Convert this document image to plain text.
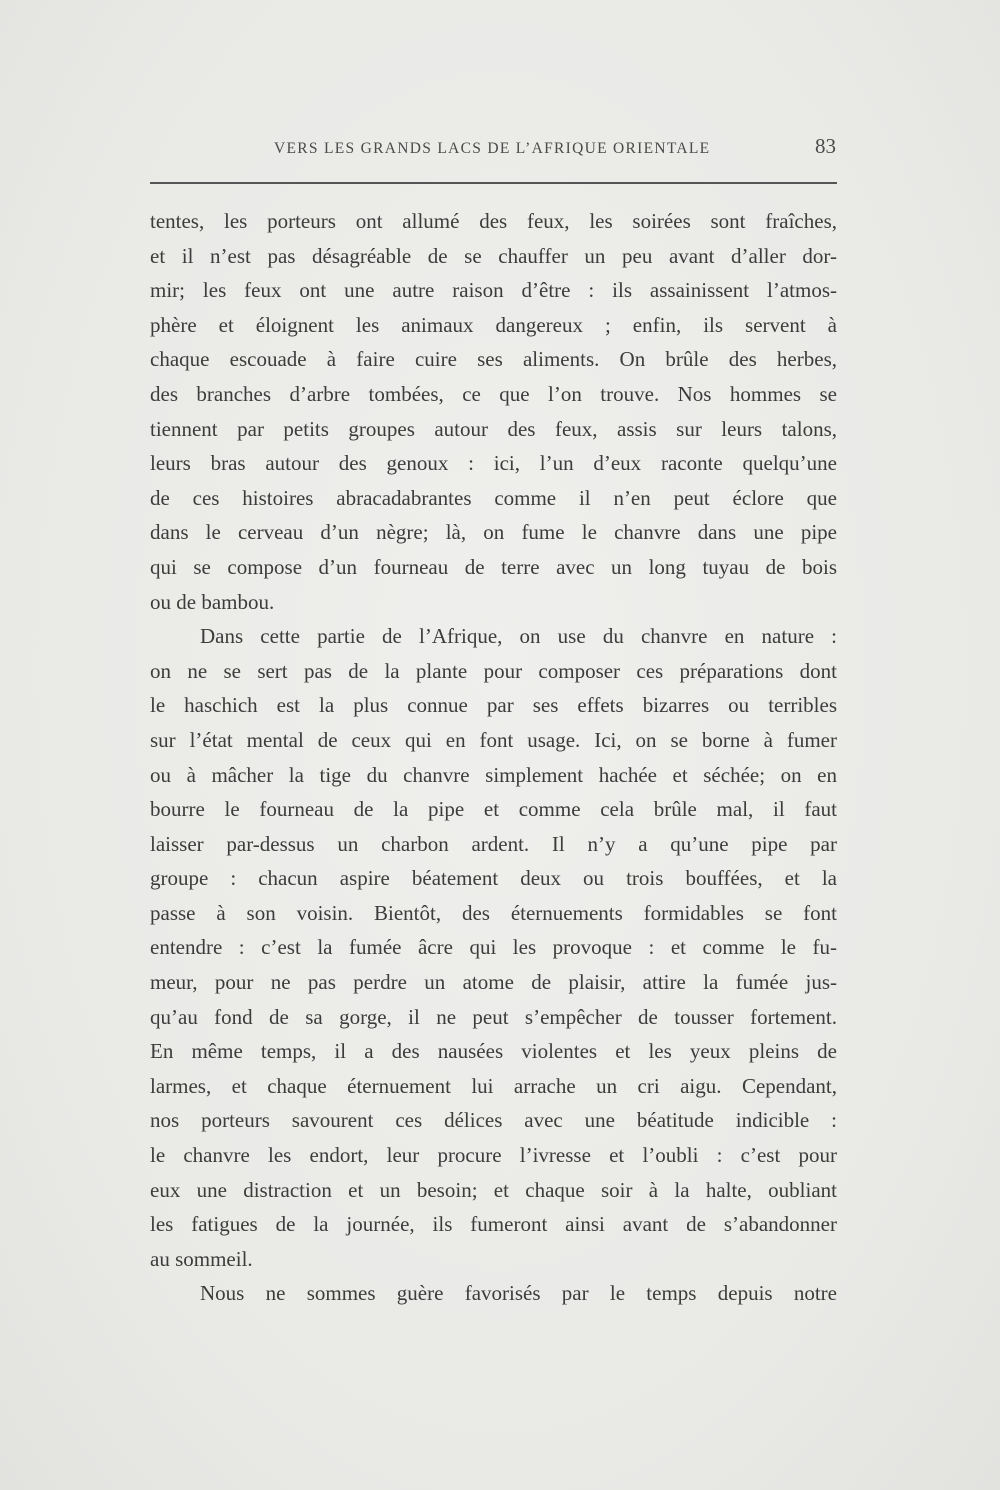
VERS LES GRANDS LACS DE L’AFRIQUE ORIENTALE	83
tentes, les porteurs ont allumé des feux, les soirées sont fraîches,
et il n’est pas désagréable de se chauffer un peu avant d’aller dor-
mir; les feux ont une autre raison d’être : ils assainissent l’atmos-
phère et éloignent les animaux dangereux ; enfin, ils servent à
chaque escouade à faire cuire ses aliments. On brûle des herbes,
des branches d’arbre tombées, ce que l’on trouve. Nos hommes se
tiennent par petits groupes autour des feux, assis sur leurs talons,
leurs bras autour des genoux : ici, l’un d’eux raconte quelqu’une
de ces histoires abracadabrantes comme il n’en peut éclore que
dans le cerveau d’un nègre; là, on fume le chanvre dans une pipe
qui se compose d’un fourneau de terre avec un long tuyau de bois
ou de bambou.
Dans cette partie de l’Afrique, on use du chanvre en nature :
on ne se sert pas de la plante pour composer ces préparations dont
le haschich est la plus connue par ses effets bizarres ou terribles
sur l’état mental de ceux qui en font usage. Ici, on se borne à fumer
ou à mâcher la tige du chanvre simplement hachée et séchée; on en
bourre le fourneau de la pipe et comme cela brûle mal, il faut
laisser par-dessus un charbon ardent. Il n’y a qu’une pipe par
groupe : chacun aspire béatement deux ou trois bouffées, et la
passe à son voisin. Bientôt, des éternuements formidables se font
entendre : c’est la fumée âcre qui les provoque : et comme le fu-
meur, pour ne pas perdre un atome de plaisir, attire la fumée jus-
qu’au fond de sa gorge, il ne peut s’empêcher de tousser fortement.
En même temps, il a des nausées violentes et les yeux pleins de
larmes, et chaque éternuement lui arrache un cri aigu. Cependant,
nos porteurs savourent ces délices avec une béatitude indicible :
le chanvre les endort, leur procure l’ivresse et l’oubli : c’est pour
eux une distraction et un besoin; et chaque soir à la halte, oubliant
les fatigues de la journée, ils fumeront ainsi avant de s’abandonner
au sommeil.
Nous ne sommes guère favorisés par le temps depuis notre
